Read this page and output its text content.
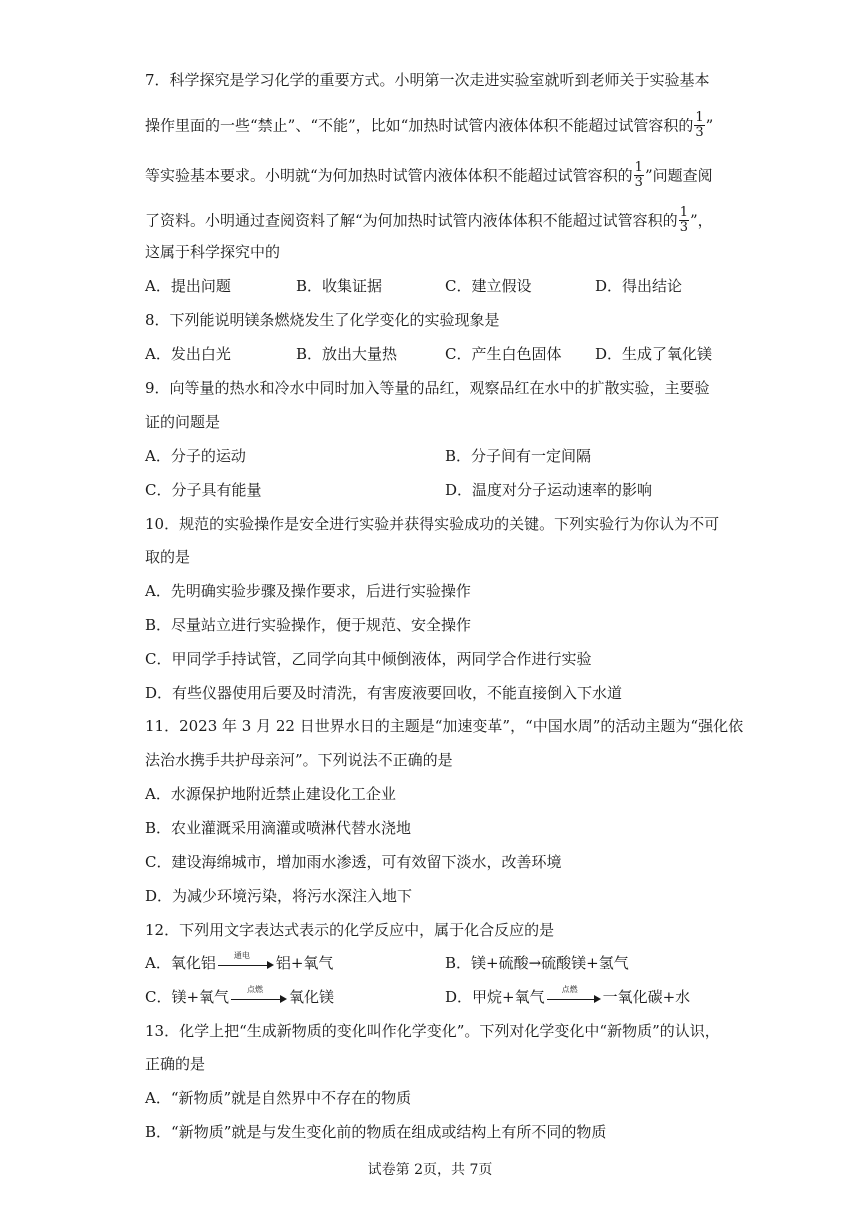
7．科学探究是学习化学的重要方式。小明第一次走进实验室就听到老师关于实验基本
操作里面的一些“禁止”、“不能”，比如“加热时试管内液体体积不能超过试管容积的 $\frac{1}{3}$ ”
等实验基本要求。小明就“为何加热时试管内液体体积不能超过试管容积的 $\frac{1}{3}$ ”问题查阅
了资料。小明通过查阅资料了解“为何加热时试管内液体体积不能超过试管容积的 $\frac{1}{3}$ ”，
这属于科学探究中的
A．提出问题	B．收集证据	C．建立假设	D．得出结论
8．下列能说明镁条燃烧发生了化学变化的实验现象是
A．发出白光	B．放出大量热	C．产生白色固体 D．生成了氧化镁
9．向等量的热水和冷水中同时加入等量的品红，观察品红在水中的扩散实验，主要验
证的问题是
A．分子的运动	B．分子间有一定间隔
C．分子具有能量	D．温度对分子运动速率的影响
10．规范的实验操作是安全进行实验并获得实验成功的关键。下列实验行为你认为不可
取的是
A．先明确实验步骤及操作要求，后进行实验操作
B．尽量站立进行实验操作，便于规范、安全操作
C．甲同学手持试管，乙同学向其中倾倒液体，两同学合作进行实验
D．有些仪器使用后要及时清洗，有害废液要回收，不能直接倒入下水道
11．2023 年 3 月 22 日世界水日的主题是“加速变革”，“中国水周”的活动主题为“强化依
法治水携手共护母亲河”。下列说法不正确的是
A．水源保护地附近禁止建设化工企业
B．农业灌溉采用滴灌或喷淋代替水浇地
C．建设海绵城市，增加雨水渗透，可有效留下淡水，改善环境
D．为减少环境污染，将污水深注入地下
12．下列用文字表达式表示的化学反应中，属于化合反应的是
A．氧化铝	通电	铝+氧气	B．镁+硫酸→硫酸镁+氢气
C．镁+氧气	点燃	氧化镁	D．甲烷+氧气	点燃	一氧化碳+水
13．化学上把“生成新物质的变化叫作化学变化”。下列对化学变化中“新物质”的认识，
正确的是
A．“新物质”就是自然界中不存在的物质
B．“新物质”就是与发生变化前的物质在组成或结构上有所不同的物质
试卷第 2页，共 7页
